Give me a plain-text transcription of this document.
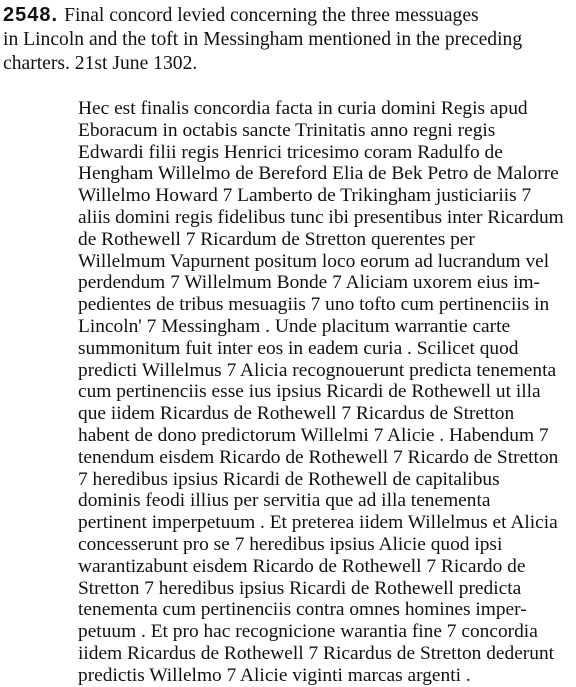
2548. Final concord levied concerning the three messuages
in Lincoln and the toft in Messingham mentioned in the preceding
charters. 21st June 1302.
Hec est finalis concordia facta in curia domini Regis apud
Eboracum in octabis sancte Trinitatis anno regni regis
Edwardi filii regis Henrici tricesimo coram Radulfo de
Hengham Willelmo de Bereford Elia de Bek Petro de Malorre
Willelmo Howard 7 Lamberto de Trikingham justiciariis 7
aliis domini regis fidelibus tunc ibi presentibus inter Ricardum
de Rothewell 7 Ricardum de Stretton querentes per
Willelmum Vapurnent positum loco eorum ad lucrandum vel
perdendum 7 Willelmum Bonde 7 Aliciam uxorem eius im-
pedientes de tribus mesuagiis 7 uno tofto cum pertinenciis in
Lincoln' 7 Messingham . Unde placitum warrantie carte
summonitum fuit inter eos in eadem curia . Scilicet quod
predicti Willelmus 7 Alicia recognouerunt predicta tenementa
cum pertinenciis esse ius ipsius Ricardi de Rothewell ut illa
que iidem Ricardus de Rothewell 7 Ricardus de Stretton
habent de dono predictorum Willelmi 7 Alicie . Habendum 7
tenendum eisdem Ricardo de Rothewell 7 Ricardo de Stretton
7 heredibus ipsius Ricardi de Rothewell de capitalibus
dominis feodi illius per servitia que ad illa tenementa
pertinent imperpetuum . Et preterea iidem Willelmus et Alicia
concesserunt pro se 7 heredibus ipsius Alicie quod ipsi
warantizabunt eisdem Ricardo de Rothewell 7 Ricardo de
Stretton 7 heredibus ipsius Ricardi de Rothewell predicta
tenementa cum pertinenciis contra omnes homines imper-
petuum . Et pro hac recognicione warantia fine 7 concordia
iidem Ricardus de Rothewell 7 Ricardus de Stretton dederunt
predictis Willelmo 7 Alicie viginti marcas argenti .
